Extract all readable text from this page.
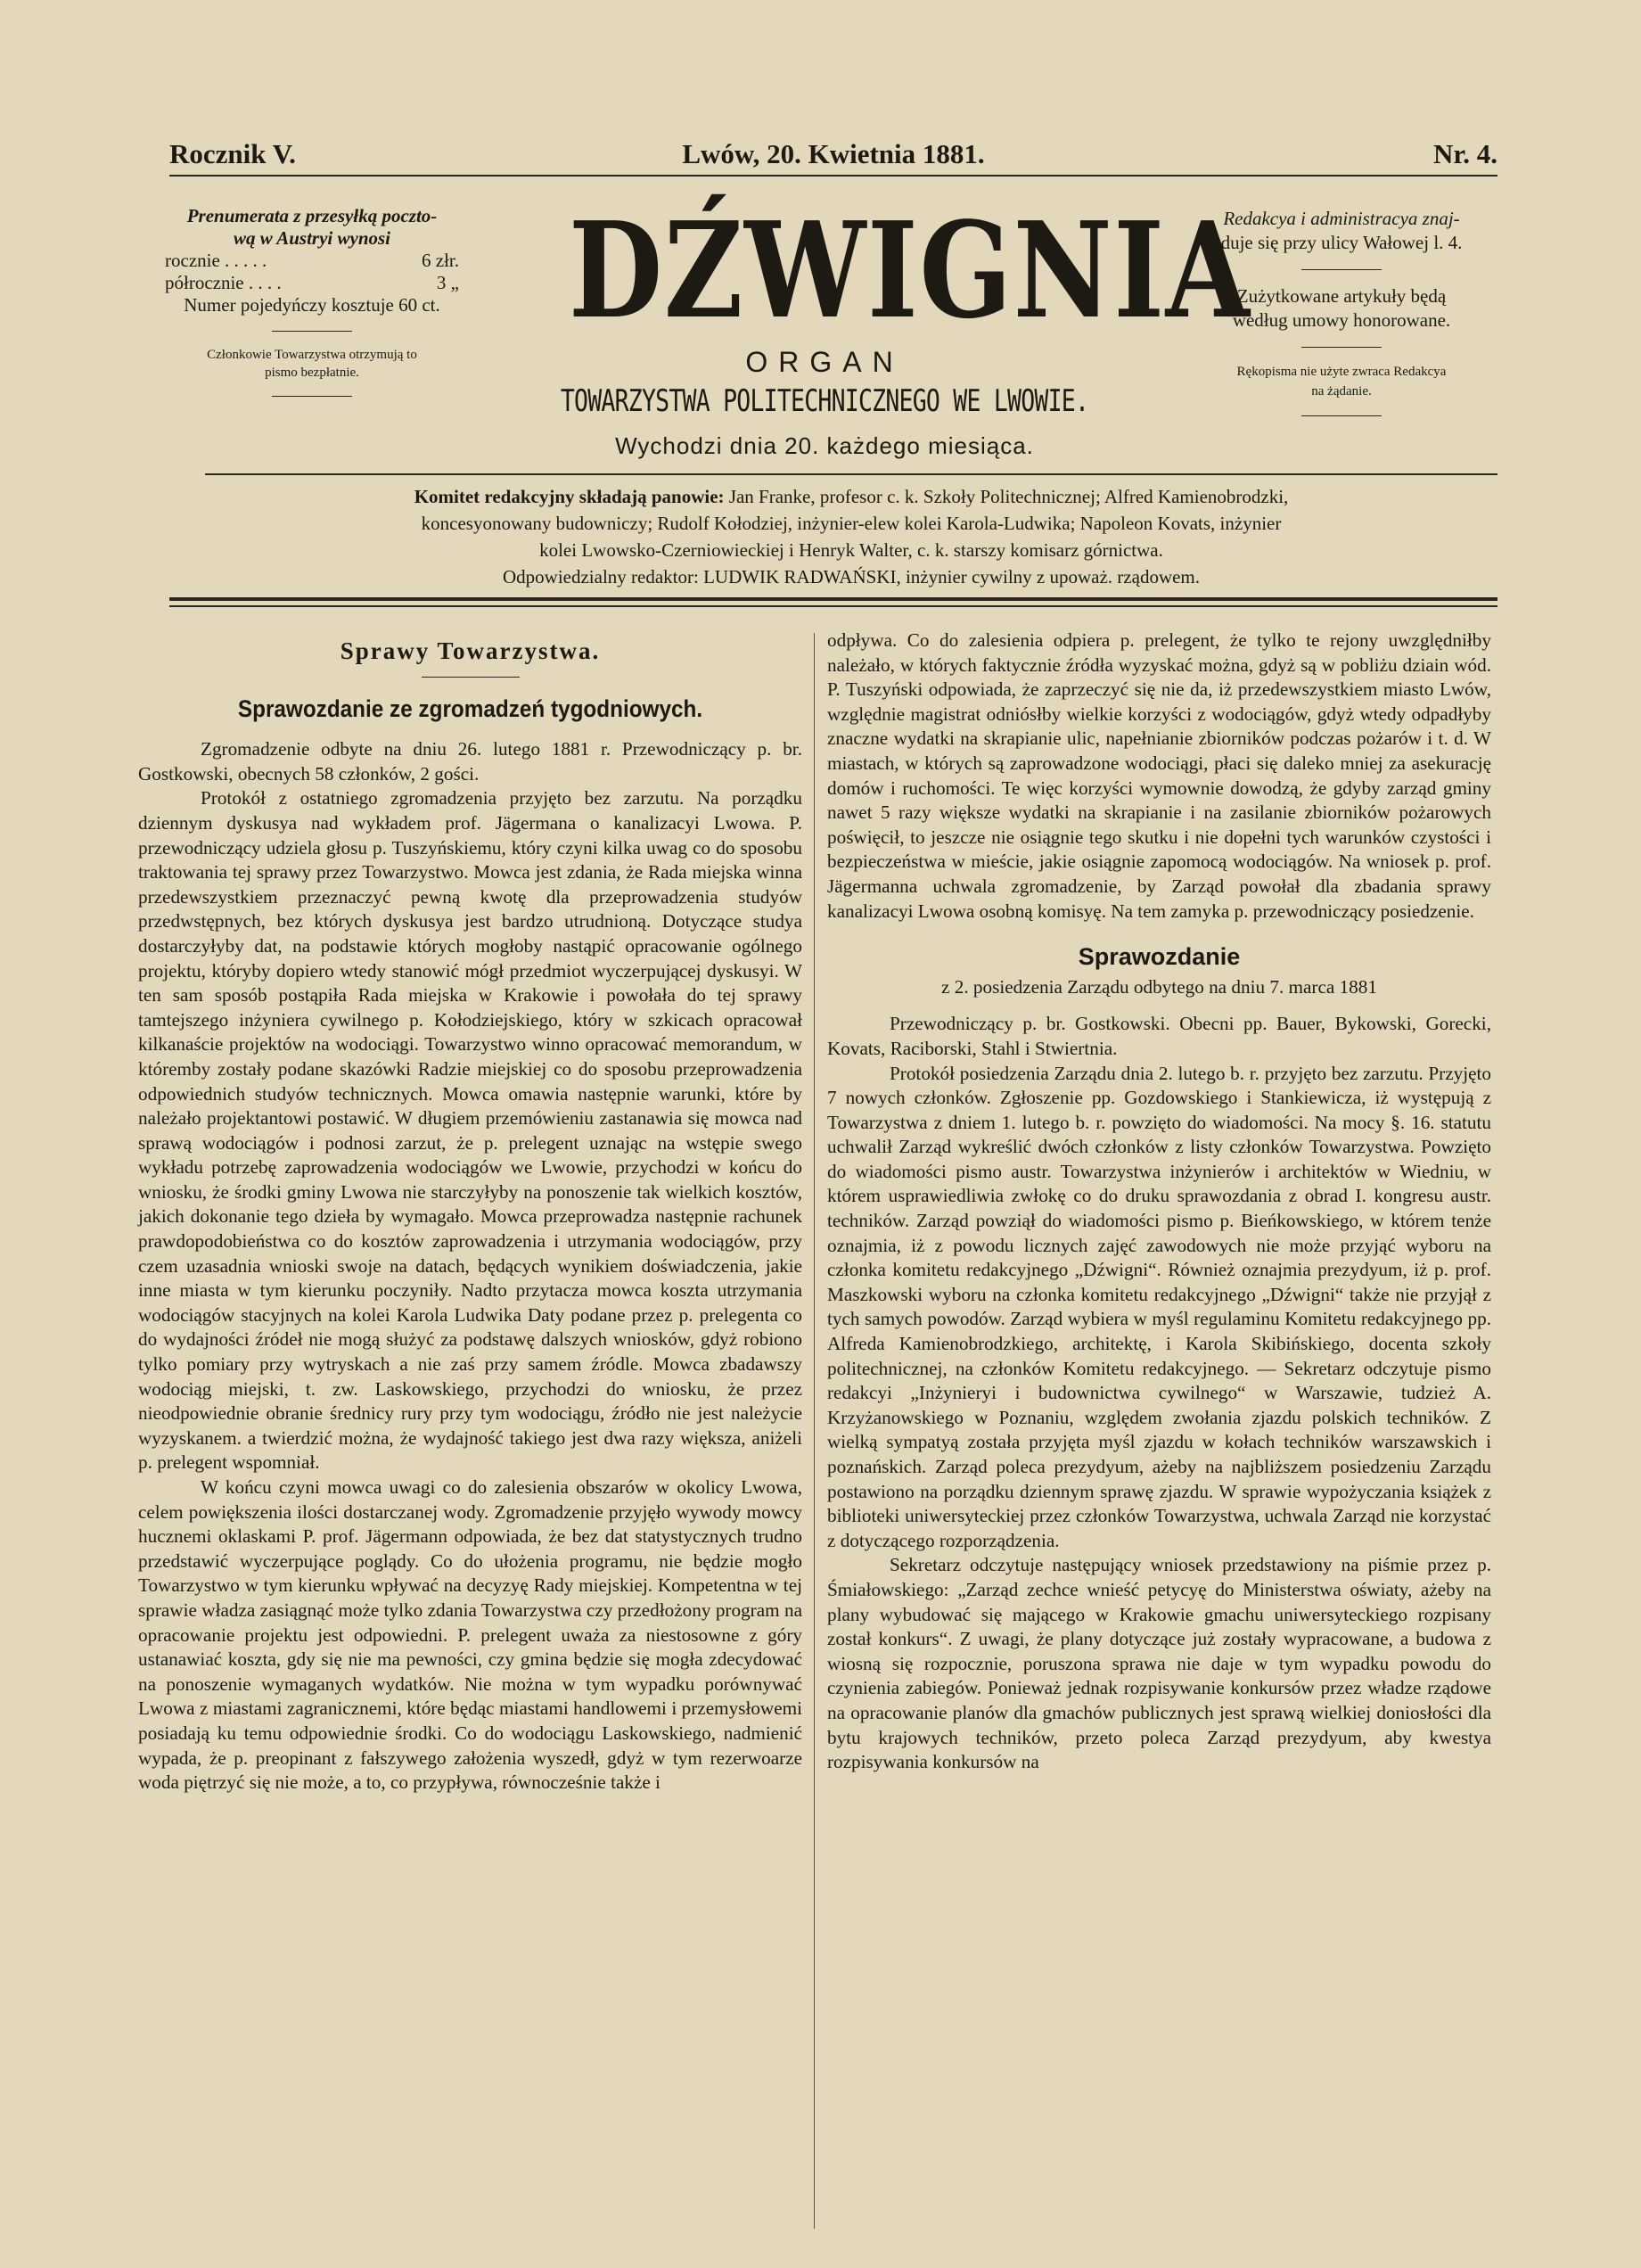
Rocznik V.	Lwów, 20. Kwietnia 1881.	Nr. 4.
Prenumerata z przesyłką poczto-
wą w Austryi wynosi
rocznie . . . . .	6 złr.
półrocznie . . . .	3 „
Numer pojedyńczy kosztuje 60 ct.
Członkowie Towarzystwa otrzymują to
pismo bezpłatnie.
DŹWIGNIA
ORGAN
TOWARZYSTWA POLITECHNICZNEGO WE LWOWIE.
Wychodzi dnia 20. każdego miesiąca.
Redakcya i administracya znaj-
duje się przy ulicy Wałowej l. 4.
Zużytkowane artykuły będą
według umowy honorowane.
Rękopisma nie użyte zwraca Redakcya
na żądanie.
Komitet redakcyjny składają panowie: Jan Franke, profesor c. k. Szkoły Politechnicznej; Alfred Kamienobrodzki,
koncesyonowany budowniczy; Rudolf Kołodziej, inżynier-elew kolei Karola-Ludwika; Napoleon Kovats, inżynier
kolei Lwowsko-Czerniowieckiej i Henryk Walter, c. k. starszy komisarz górnictwa.
Odpowiedzialny redaktor: LUDWIK RADWAŃSKI, inżynier cywilny z upoważ. rządowem.
Sprawy Towarzystwa.
Sprawozdanie ze zgromadzeń tygodniowych.

Zgromadzenie odbyte na dniu 26. lutego 1881 r. Przewodniczący p. br. Gostkowski, obecnych 58 członków, 2 gości.

Protokół z ostatniego zgromadzenia przyjęto bez zarzutu. Na porządku dziennym dyskusya nad wykładem prof. Jägermana o kanalizacyi Lwowa. P. przewodniczący udziela głosu p. Tuszyńskiemu, który czyni kilka uwag co do sposobu traktowania tej sprawy przez Towarzystwo. Mowca jest zdania, że Rada miejska winna przedewszystkiem przeznaczyć pewną kwotę dla przeprowadzenia studyów przedwstępnych, bez których dyskusya jest bardzo utrudnioną. Dotyczące studya dostarczyłyby dat, na podstawie których mogłoby nastąpić opracowanie ogólnego projektu, któryby dopiero wtedy stanowić mógł przedmiot wyczerpującej dyskusyi. W ten sam sposób postąpiła Rada miejska w Krakowie i powołała do tej sprawy tamtejszego inżyniera cywilnego p. Kołodziejskiego, który w szkicach opracował kilkanaście projektów na wodociągi. Towarzystwo winno opracować memorandum, w któremby zostały podane skazówki Radzie miejskiej co do sposobu przeprowadzenia odpowiednich studyów technicznych. Mowca omawia następnie warunki, które by należało projektantowi postawić. W długiem przemówieniu zastanawia się mowca nad sprawą wodociągów i podnosi zarzut, że p. prelegent uznając na wstępie swego wykładu potrzebę zaprowadzenia wodociągów we Lwowie, przychodzi w końcu do wniosku, że środki gminy Lwowa nie starczyłyby na ponoszenie tak wielkich kosztów, jakich dokonanie tego dzieła by wymagało. Mowca przeprowadza następnie rachunek prawdopodobieństwa co do kosztów zaprowadzenia i utrzymania wodociągów, przy czem uzasadnia wnioski swoje na datach, będących wynikiem doświadczenia, jakie inne miasta w tym kierunku poczyniły. Nadto przytacza mowca koszta utrzymania wodociągów stacyjnych na kolei Karola Ludwika Daty podane przez p. prelegenta co do wydajności źródeł nie mogą służyć za podstawę dalszych wniosków, gdyż robiono tylko pomiary przy wytryskach a nie zaś przy samem źródle. Mowca zbadawszy wodociąg miejski, t. zw. Laskowskiego, przychodzi do wniosku, że przez nieodpowiednie obranie średnicy rury przy tym wodociągu, źródło nie jest należycie wyzyskanem. a twierdzić można, że wydajność takiego jest dwa razy większa, aniżeli p. prelegent wspomniał.

W końcu czyni mowca uwagi co do zalesienia obszarów w okolicy Lwowa, celem powiększenia ilości dostarczanej wody. Zgromadzenie przyjęło wywody mowcy hucznemi oklaskami P. prof. Jägermann odpowiada, że bez dat statystycznych trudno przedstawić wyczerpujące poglądy. Co do ułożenia programu, nie będzie mogło Towarzystwo w tym kierunku wpływać na decyzyę Rady miejskiej. Kompetentna w tej sprawie władza zasiągnąć może tylko zdania Towarzystwa czy przedłożony program na opracowanie projektu jest odpowiedni. P. prelegent uważa za niestosowne z góry ustanawiać koszta, gdy się nie ma pewności, czy gmina będzie się mogła zdecydować na ponoszenie wymaganych wydatków. Nie można w tym wypadku porównywać Lwowa z miastami zagranicznemi, które będąc miastami handlowemi i przemysłowemi posiadają ku temu odpowiednie środki. Co do wodociągu Laskowskiego, nadmienić wypada, że p. preopinant z fałszywego założenia wyszedł, gdyż w tym rezerwoarze woda piętrzyć się nie może, a to, co przypływa, równocześnie także i

odpływa. Co do zalesienia odpiera p. prelegent, że tylko te rejony uwzględniłby należało, w których faktycznie źródła wyzyskać można, gdyż są w pobliżu dziain wód. P. Tuszyński odpowiada, że zaprzeczyć się nie da, iż przedewszystkiem miasto Lwów, względnie magistrat odniósłby wielkie korzyści z wodociągów, gdyż wtedy odpadłyby znaczne wydatki na skrapianie ulic, napełnianie zbiorników podczas pożarów i t. d. W miastach, w których są zaprowadzone wodociągi, płaci się daleko mniej za asekurację domów i ruchomości. Te więc korzyści wymownie dowodzą, że gdyby zarząd gminy nawet 5 razy większe wydatki na skrapianie i na zasilanie zbiorników pożarowych poświęcił, to jeszcze nie osiągnie tego skutku i nie dopełni tych warunków czystości i bezpieczeństwa w mieście, jakie osiągnie zapomocą wodociągów. Na wniosek p. prof. Jägermanna uchwala zgromadzenie, by Zarząd powołał dla zbadania sprawy kanalizacyi Lwowa osobną komisyę. Na tem zamyka p. przewodniczący posiedzenie.

Sprawozdanie
z 2. posiedzenia Zarządu odbytego na dniu 7. marca 1881

Przewodniczący p. br. Gostkowski. Obecni pp. Bauer, Bykowski, Gorecki, Kovats, Raciborski, Stahl i Stwiertnia.

Protokół posiedzenia Zarządu dnia 2. lutego b. r. przyjęto bez zarzutu. Przyjęto 7 nowych członków. Zgłoszenie pp. Gozdowskiego i Stankiewicza, iż występują z Towarzystwa z dniem 1. lutego b. r. powzięto do wiadomości. Na mocy §. 16. statutu uchwalił Zarząd wykreślić dwóch członków z listy członków Towarzystwa. Powzięto do wiadomości pismo austr. Towarzystwa inżynierów i architektów w Wiedniu, w którem usprawiedliwia zwłokę co do druku sprawozdania z obrad I. kongresu austr. techników. Zarząd powziął do wiadomości pismo p. Bieńkowskiego, w którem tenże oznajmia, iż z powodu licznych zajęć zawodowych nie może przyjąć wyboru na członka komitetu redakcyjnego „Dźwigni“. Również oznajmia prezydyum, iż p. prof. Maszkowski wyboru na członka komitetu redakcyjnego „Dźwigni“ także nie przyjął z tych samych powodów. Zarząd wybiera w myśl regulaminu Komitetu redakcyjnego pp. Alfreda Kamienobrodzkiego, architektę, i Karola Skibińskiego, docenta szkoły politechnicznej, na członków Komitetu redakcyjnego. — Sekretarz odczytuje pismo redakcyi „Inżynieryi i budownictwa cywilnego“ w Warszawie, tudzież A. Krzyżanowskiego w Poznaniu, względem zwołania zjazdu polskich techników. Z wielką sympatyą została przyjęta myśl zjazdu w kołach techników warszawskich i poznańskich. Zarząd poleca prezydyum, ażeby na najbliższem posiedzeniu Zarządu postawiono na porządku dziennym sprawę zjazdu. W sprawie wypożyczania książek z biblioteki uniwersyteckiej przez członków Towarzystwa, uchwala Zarząd nie korzystać z dotyczącego rozporządzenia.

Sekretarz odczytuje następujący wniosek przedstawiony na piśmie przez p. Śmiałowskiego: „Zarząd zechce wnieść petycyę do Ministerstwa oświaty, ażeby na plany wybudować się mającego w Krakowie gmachu uniwersyteckiego rozpisany został konkurs“. Z uwagi, że plany dotyczące już zostały wypracowane, a budowa z wiosną się rozpocznie, poruszona sprawa nie daje w tym wypadku powodu do czynienia zabiegów. Ponieważ jednak rozpisywanie konkursów przez władze rządowe na opracowanie planów dla gmachów publicznych jest sprawą wielkiej doniosłości dla bytu krajowych techników, przeto poleca Zarząd prezydyum, aby kwestya rozpisywania konkursów na
